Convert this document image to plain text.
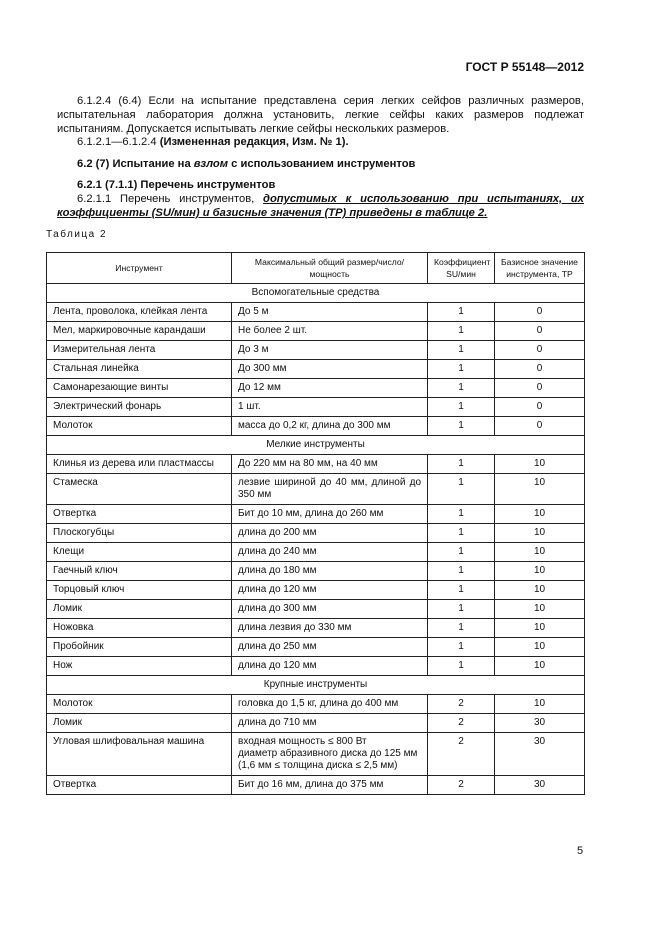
ГОСТ Р 55148—2012
6.1.2.4 (6.4) Если на испытание представлена серия легких сейфов различных размеров, испытательная лаборатория должна установить, легкие сейфы каких размеров подлежат испытаниям. Допускается испытывать легкие сейфы нескольких размеров.
6.1.2.1—6.1.2.4 (Измененная редакция, Изм. № 1).
6.2 (7) Испытание на взлом с использованием инструментов
6.2.1 (7.1.1) Перечень инструментов
6.2.1.1 Перечень инструментов, допустимых к использованию при испытаниях, их коэффициенты (SU/мин) и базисные значения (ТР) приведены в таблице 2.
Таблица 2
Инструмент	Максимальный общий размер/число/мощность	Коэффициент SU/мин	Базисное значение инструмента, ТР
Вспомогательные средства			
Лента, проволока, клейкая лента	До 5 м	1	0
Мел, маркировочные карандаши	Не более 2 шт.	1	0
Измерительная лента	До 3 м	1	0
Стальная линейка	До 300 мм	1	0
Самонарезающие винты	До 12 мм	1	0
Электрический фонарь	1 шт.	1	0
Молоток	масса до 0,2 кг, длина до 300 мм	1	0
Мелкие инструменты			
Клинья из дерева или пластмассы	До 220 мм на 80 мм, на 40 мм	1	10
Стамеска	лезвие шириной до 40 мм, длиной до 350 мм	1	10
Отвертка	Бит до 10 мм, длина до 260 мм	1	10
Плоскогубцы	длина до 200 мм	1	10
Клещи	длина до 240 мм	1	10
Гаечный ключ	длина до 180 мм	1	10
Торцовый ключ	длина до 120 мм	1	10
Ломик	длина до 300 мм	1	10
Ножовка	длина лезвия до 330 мм	1	10
Пробойник	длина до 250 мм	1	10
Нож	длина до 120 мм	1	10
Крупные инструменты			
Молоток	головка до 1,5 кг, длина до 400 мм	2	10
Ломик	длина до 710 мм	2	30
Угловая шлифовальная машина	входная мощность ≤ 800 Вт
диаметр абразивного диска до 125 мм
(1,6 мм ≤ толщина диска ≤ 2,5 мм)	2	30
Отвертка	Бит до 16 мм, длина до 375 мм	2	30
5
